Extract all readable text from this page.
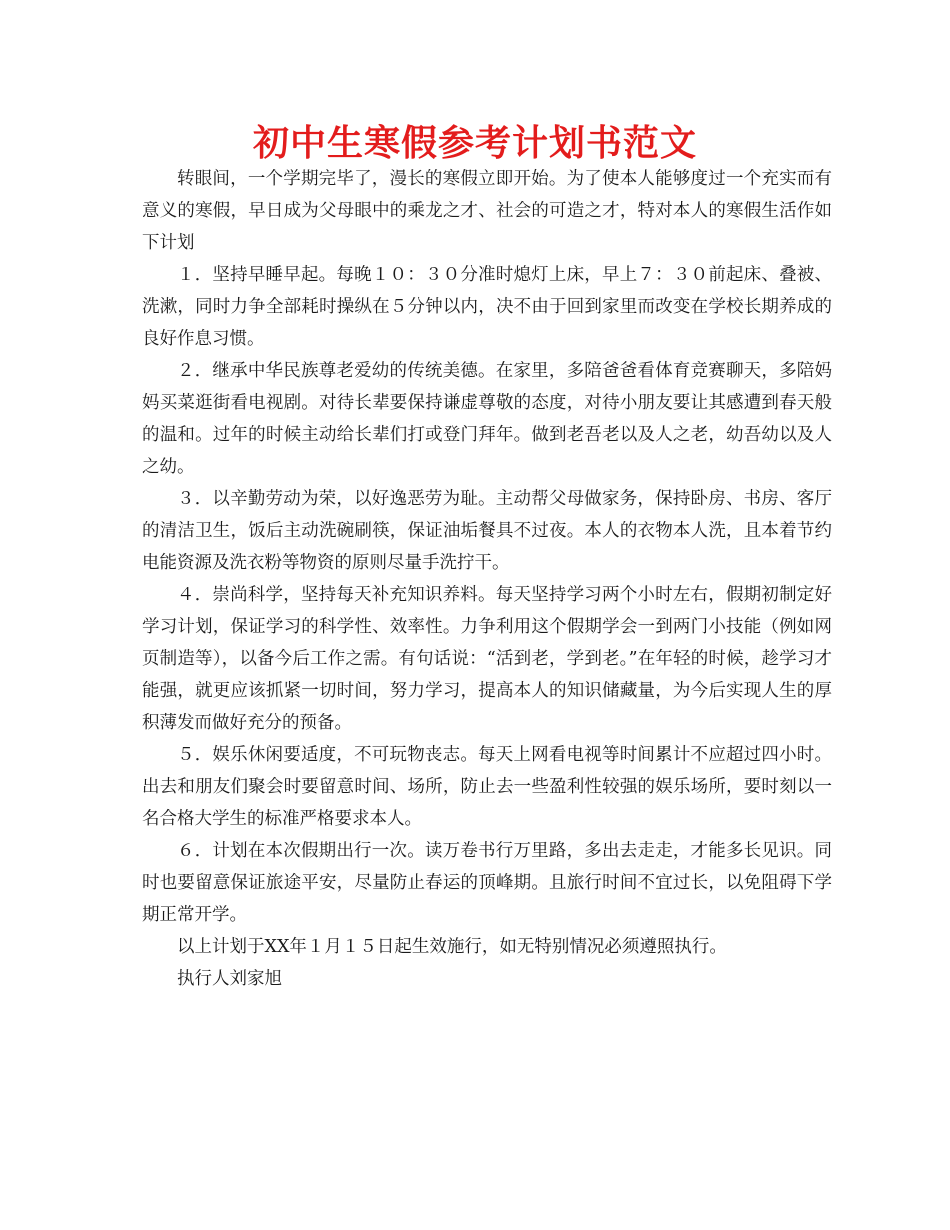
初中生寒假参考计划书范文

转眼间，一个学期完毕了，漫长的寒假立即开始。为了使本人能够度过一个充实而有意义的寒假，早日成为父母眼中的乘龙之才、社会的可造之才，特对本人的寒假生活作如下计划

１．坚持早睡早起。每晚１０：３０分准时熄灯上床，早上７：３０前起床、叠被、洗漱，同时力争全部耗时操纵在５分钟以内，决不由于回到家里而改变在学校长期养成的良好作息习惯。

２．继承中华民族尊老爱幼的传统美德。在家里，多陪爸爸看体育竞赛聊天，多陪妈妈买菜逛街看电视剧。对待长辈要保持谦虚尊敬的态度，对待小朋友要让其感遭到春天般的温和。过年的时候主动给长辈们打或登门拜年。做到老吾老以及人之老，幼吾幼以及人之幼。

３．以辛勤劳动为荣，以好逸恶劳为耻。主动帮父母做家务，保持卧房、书房、客厅的清洁卫生，饭后主动洗碗刷筷，保证油垢餐具不过夜。本人的衣物本人洗，且本着节约电能资源及洗衣粉等物资的原则尽量手洗拧干。

４．崇尚科学，坚持每天补充知识养料。每天坚持学习两个小时左右，假期初制定好学习计划，保证学习的科学性、效率性。力争利用这个假期学会一到两门小技能（例如网页制造等），以备今后工作之需。有句话说：“活到老，学到老。”在年轻的时候，趁学习才能强，就更应该抓紧一切时间，努力学习，提高本人的知识储藏量，为今后实现人生的厚积薄发而做好充分的预备。

５．娱乐休闲要适度，不可玩物丧志。每天上网看电视等时间累计不应超过四小时。出去和朋友们聚会时要留意时间、场所，防止去一些盈利性较强的娱乐场所，要时刻以一名合格大学生的标准严格要求本人。

６．计划在本次假期出行一次。读万卷书行万里路，多出去走走，才能多长见识。同时也要留意保证旅途平安，尽量防止春运的顶峰期。且旅行时间不宜过长，以免阻碍下学期正常开学。

以上计划于XX年１月１５日起生效施行，如无特别情况必须遵照执行。

执行人刘家旭
